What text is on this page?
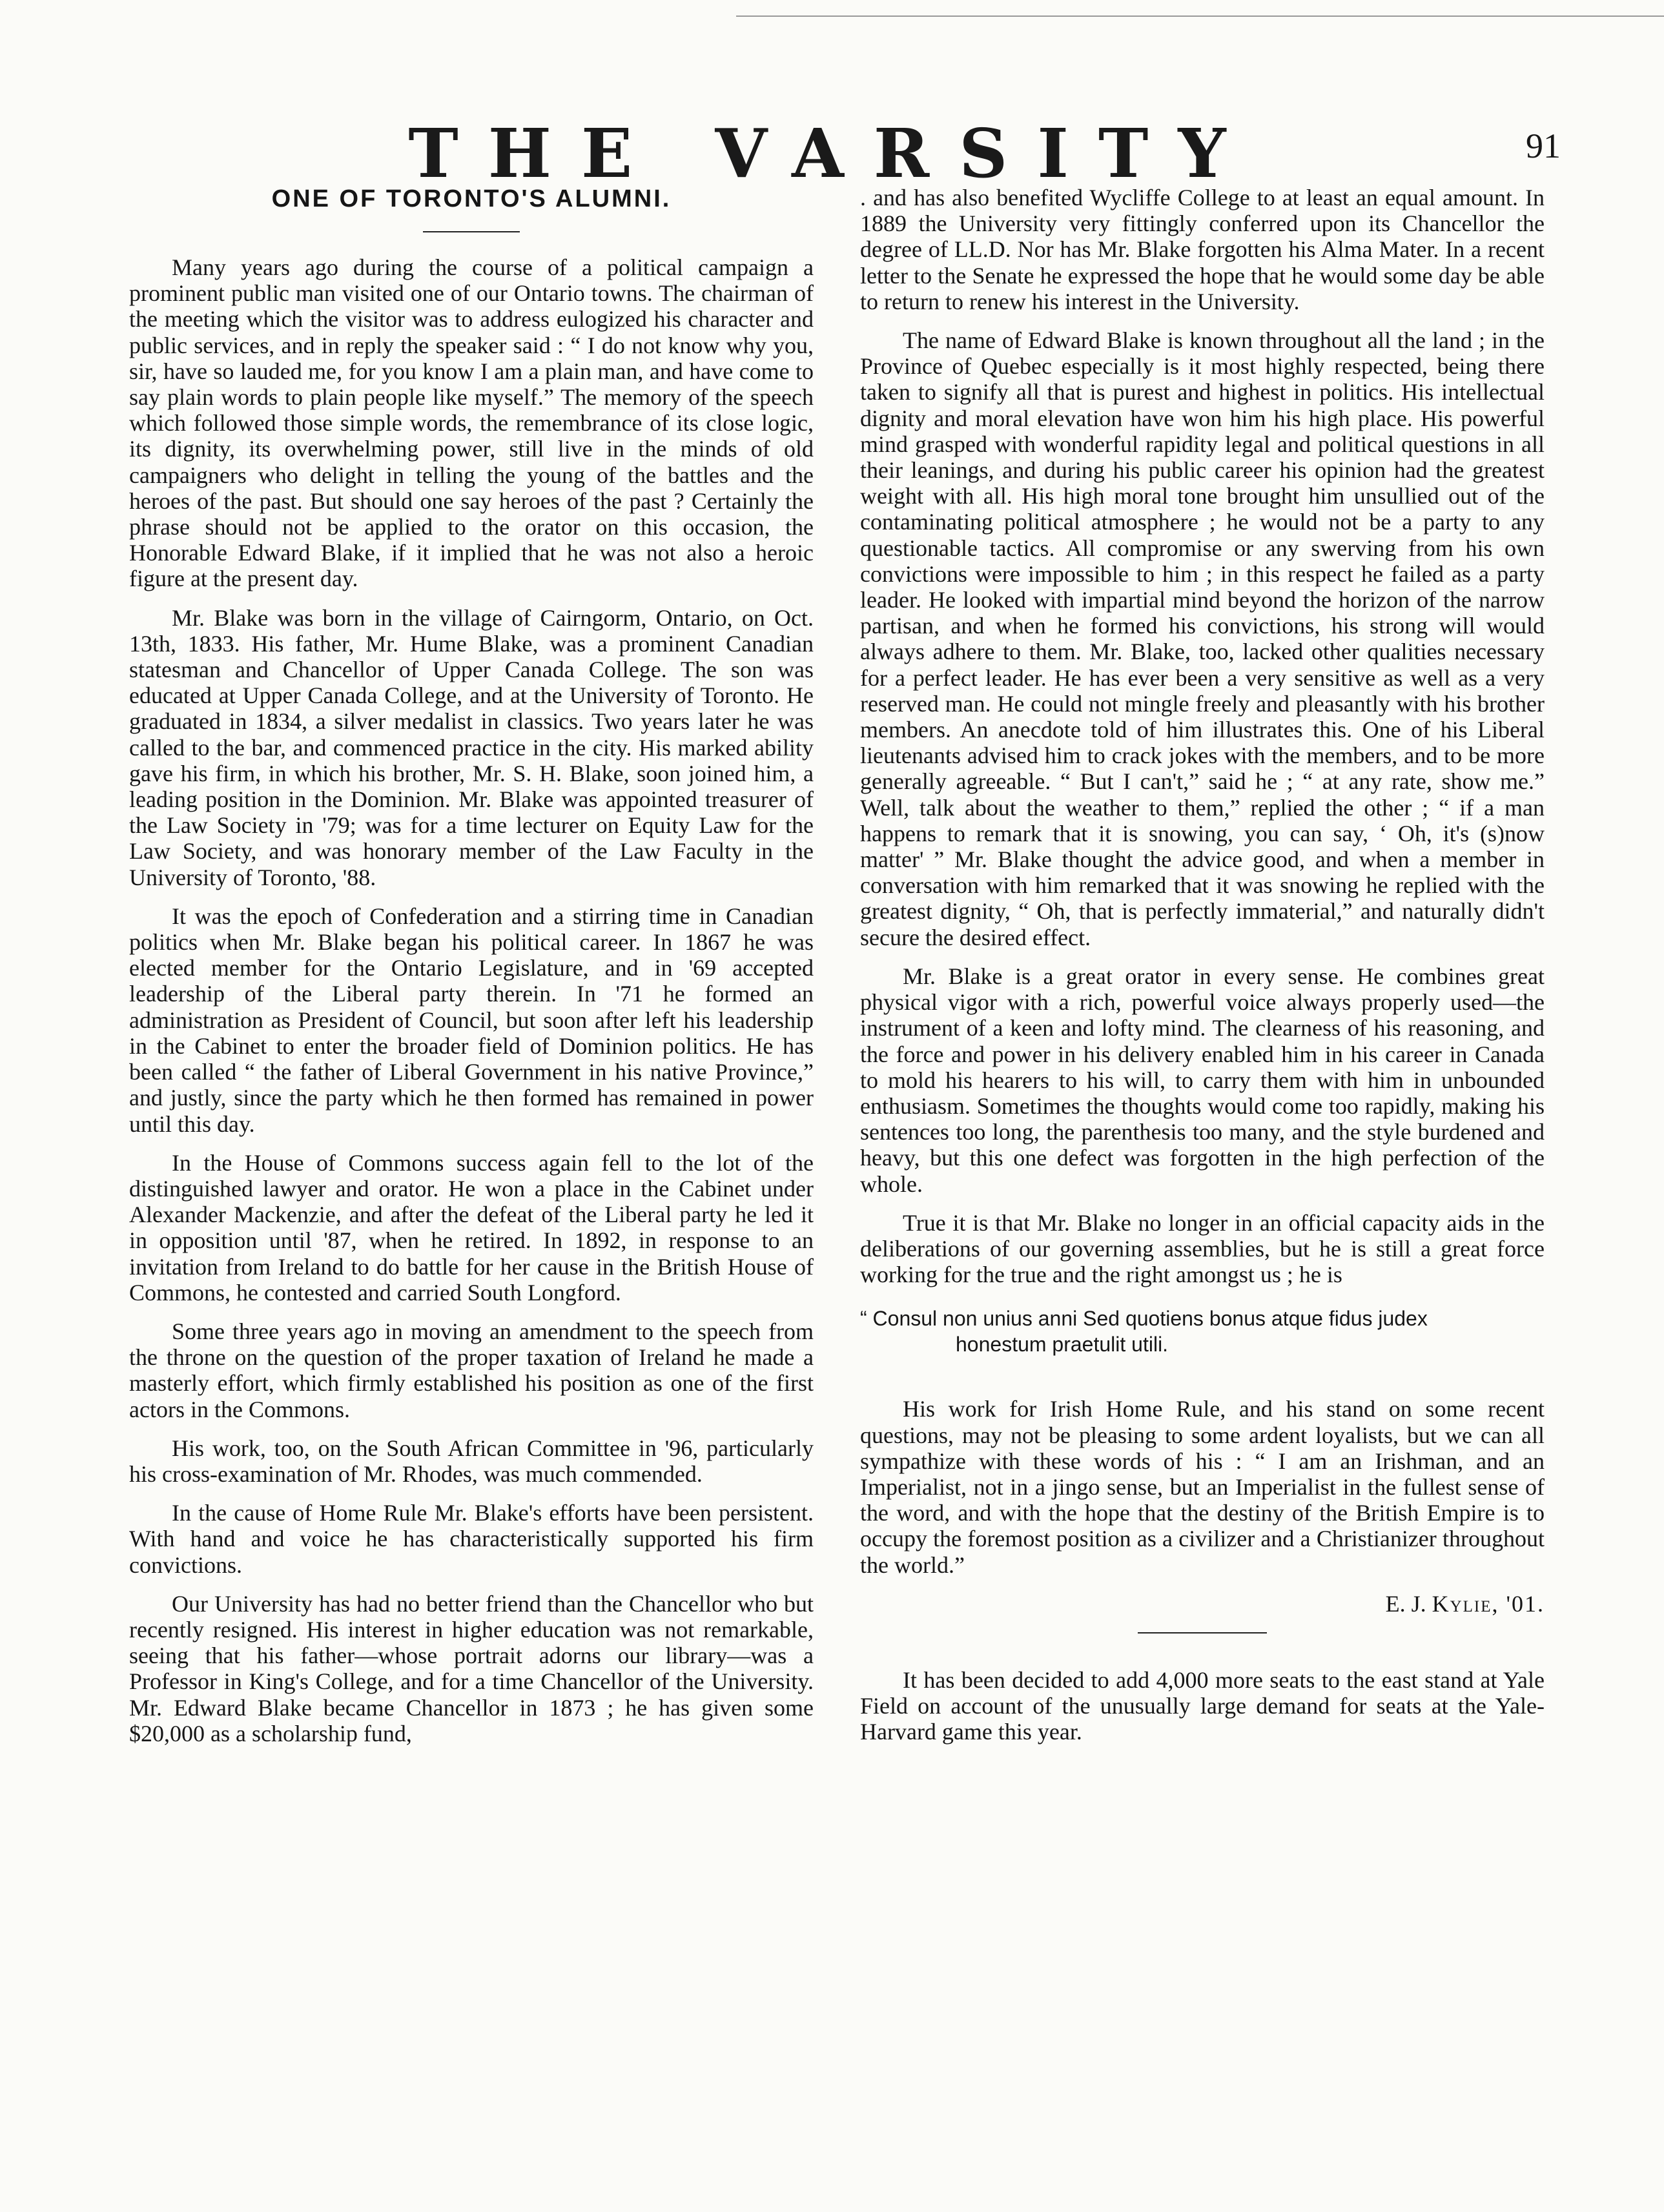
THE VARSITY	91
ONE OF TORONTO'S ALUMNI.

Many years ago during the course of a political campaign a prominent public man visited one of our Ontario towns. The chairman of the meeting which the visitor was to address eulogized his character and public services, and in reply the speaker said : “ I do not know why you, sir, have so lauded me, for you know I am a plain man, and have come to say plain words to plain people like myself.” The memory of the speech which followed those simple words, the remembrance of its close logic, its dignity, its overwhelming power, still live in the minds of old campaigners who delight in telling the young of the battles and the heroes of the past. But should one say heroes of the past ? Certainly the phrase should not be applied to the orator on this occasion, the Honorable Edward Blake, if it implied that he was not also a heroic figure at the present day.

Mr. Blake was born in the village of Cairngorm, Ontario, on Oct. 13th, 1833. His father, Mr. Hume Blake, was a prominent Canadian statesman and Chancellor of Upper Canada College. The son was educated at Upper Canada College, and at the University of Toronto. He graduated in 1834, a silver medalist in classics. Two years later he was called to the bar, and commenced practice in the city. His marked ability gave his firm, in which his brother, Mr. S. H. Blake, soon joined him, a leading position in the Dominion. Mr. Blake was appointed treasurer of the Law Society in '79; was for a time lecturer on Equity Law for the Law Society, and was honorary member of the Law Faculty in the University of Toronto, '88.

It was the epoch of Confederation and a stirring time in Canadian politics when Mr. Blake began his political career. In 1867 he was elected member for the Ontario Legislature, and in '69 accepted leadership of the Liberal party therein. In '71 he formed an administration as President of Council, but soon after left his leadership in the Cabinet to enter the broader field of Dominion politics. He has been called “ the father of Liberal Government in his native Province,” and justly, since the party which he then formed has remained in power until this day.

In the House of Commons success again fell to the lot of the distinguished lawyer and orator. He won a place in the Cabinet under Alexander Mackenzie, and after the defeat of the Liberal party he led it in opposition until '87, when he retired. In 1892, in response to an invitation from Ireland to do battle for her cause in the British House of Commons, he contested and carried South Longford.

Some three years ago in moving an amendment to the speech from the throne on the question of the proper taxation of Ireland he made a masterly effort, which firmly established his position as one of the first actors in the Commons.

His work, too, on the South African Committee in '96, particularly his cross-examination of Mr. Rhodes, was much commended.

In the cause of Home Rule Mr. Blake's efforts have been persistent. With hand and voice he has characteristically supported his firm convictions.

Our University has had no better friend than the Chancellor who but recently resigned. His interest in higher education was not remarkable, seeing that his father—whose portrait adorns our library—was a Professor in King's College, and for a time Chancellor of the University. Mr. Edward Blake became Chancellor in 1873 ; he has given some $20,000 as a scholarship fund,

. and has also benefited Wycliffe College to at least an equal amount. In 1889 the University very fittingly conferred upon its Chancellor the degree of LL.D. Nor has Mr. Blake forgotten his Alma Mater. In a recent letter to the Senate he expressed the hope that he would some day be able to return to renew his interest in the University.

The name of Edward Blake is known throughout all the land ; in the Province of Quebec especially is it most highly respected, being there taken to signify all that is purest and highest in politics. His intellectual dignity and moral elevation have won him his high place. His powerful mind grasped with wonderful rapidity legal and political questions in all their leanings, and during his public career his opinion had the greatest weight with all. His high moral tone brought him unsullied out of the contaminating political atmosphere ; he would not be a party to any questionable tactics. All compromise or any swerving from his own convictions were impossible to him ; in this respect he failed as a party leader. He looked with impartial mind beyond the horizon of the narrow partisan, and when he formed his convictions, his strong will would always adhere to them. Mr. Blake, too, lacked other qualities necessary for a perfect leader. He has ever been a very sensitive as well as a very reserved man. He could not mingle freely and pleasantly with his brother members. An anecdote told of him illustrates this. One of his Liberal lieutenants advised him to crack jokes with the members, and to be more generally agreeable. “ But I can't,” said he ; “ at any rate, show me.” Well, talk about the weather to them,” replied the other ; “ if a man happens to remark that it is snowing, you can say, ‘ Oh, it's (s)now matter' ” Mr. Blake thought the advice good, and when a member in conversation with him remarked that it was snowing he replied with the greatest dignity, “ Oh, that is perfectly immaterial,” and naturally didn't secure the desired effect.

Mr. Blake is a great orator in every sense. He combines great physical vigor with a rich, powerful voice always properly used—the instrument of a keen and lofty mind. The clearness of his reasoning, and the force and power in his delivery enabled him in his career in Canada to mold his hearers to his will, to carry them with him in unbounded enthusiasm. Sometimes the thoughts would come too rapidly, making his sentences too long, the parenthesis too many, and the style burdened and heavy, but this one defect was forgotten in the high perfection of the whole.

True it is that Mr. Blake no longer in an official capacity aids in the deliberations of our governing assemblies, but he is still a great force working for the true and the right amongst us ; he is

“ Consul non unius anni Sed quotiens bonus atque fidus judex
honestum praetulit utili.

His work for Irish Home Rule, and his stand on some recent questions, may not be pleasing to some ardent loyalists, but we can all sympathize with these words of his : “ I am an Irishman, and an Imperialist, not in a jingo sense, but an Imperialist in the fullest sense of the word, and with the hope that the destiny of the British Empire is to occupy the foremost position as a civilizer and a Christianizer throughout the world.”

E. J. Kylie, '01.

It has been decided to add 4,000 more seats to the east stand at Yale Field on account of the unusually large demand for seats at the Yale-Harvard game this year.
